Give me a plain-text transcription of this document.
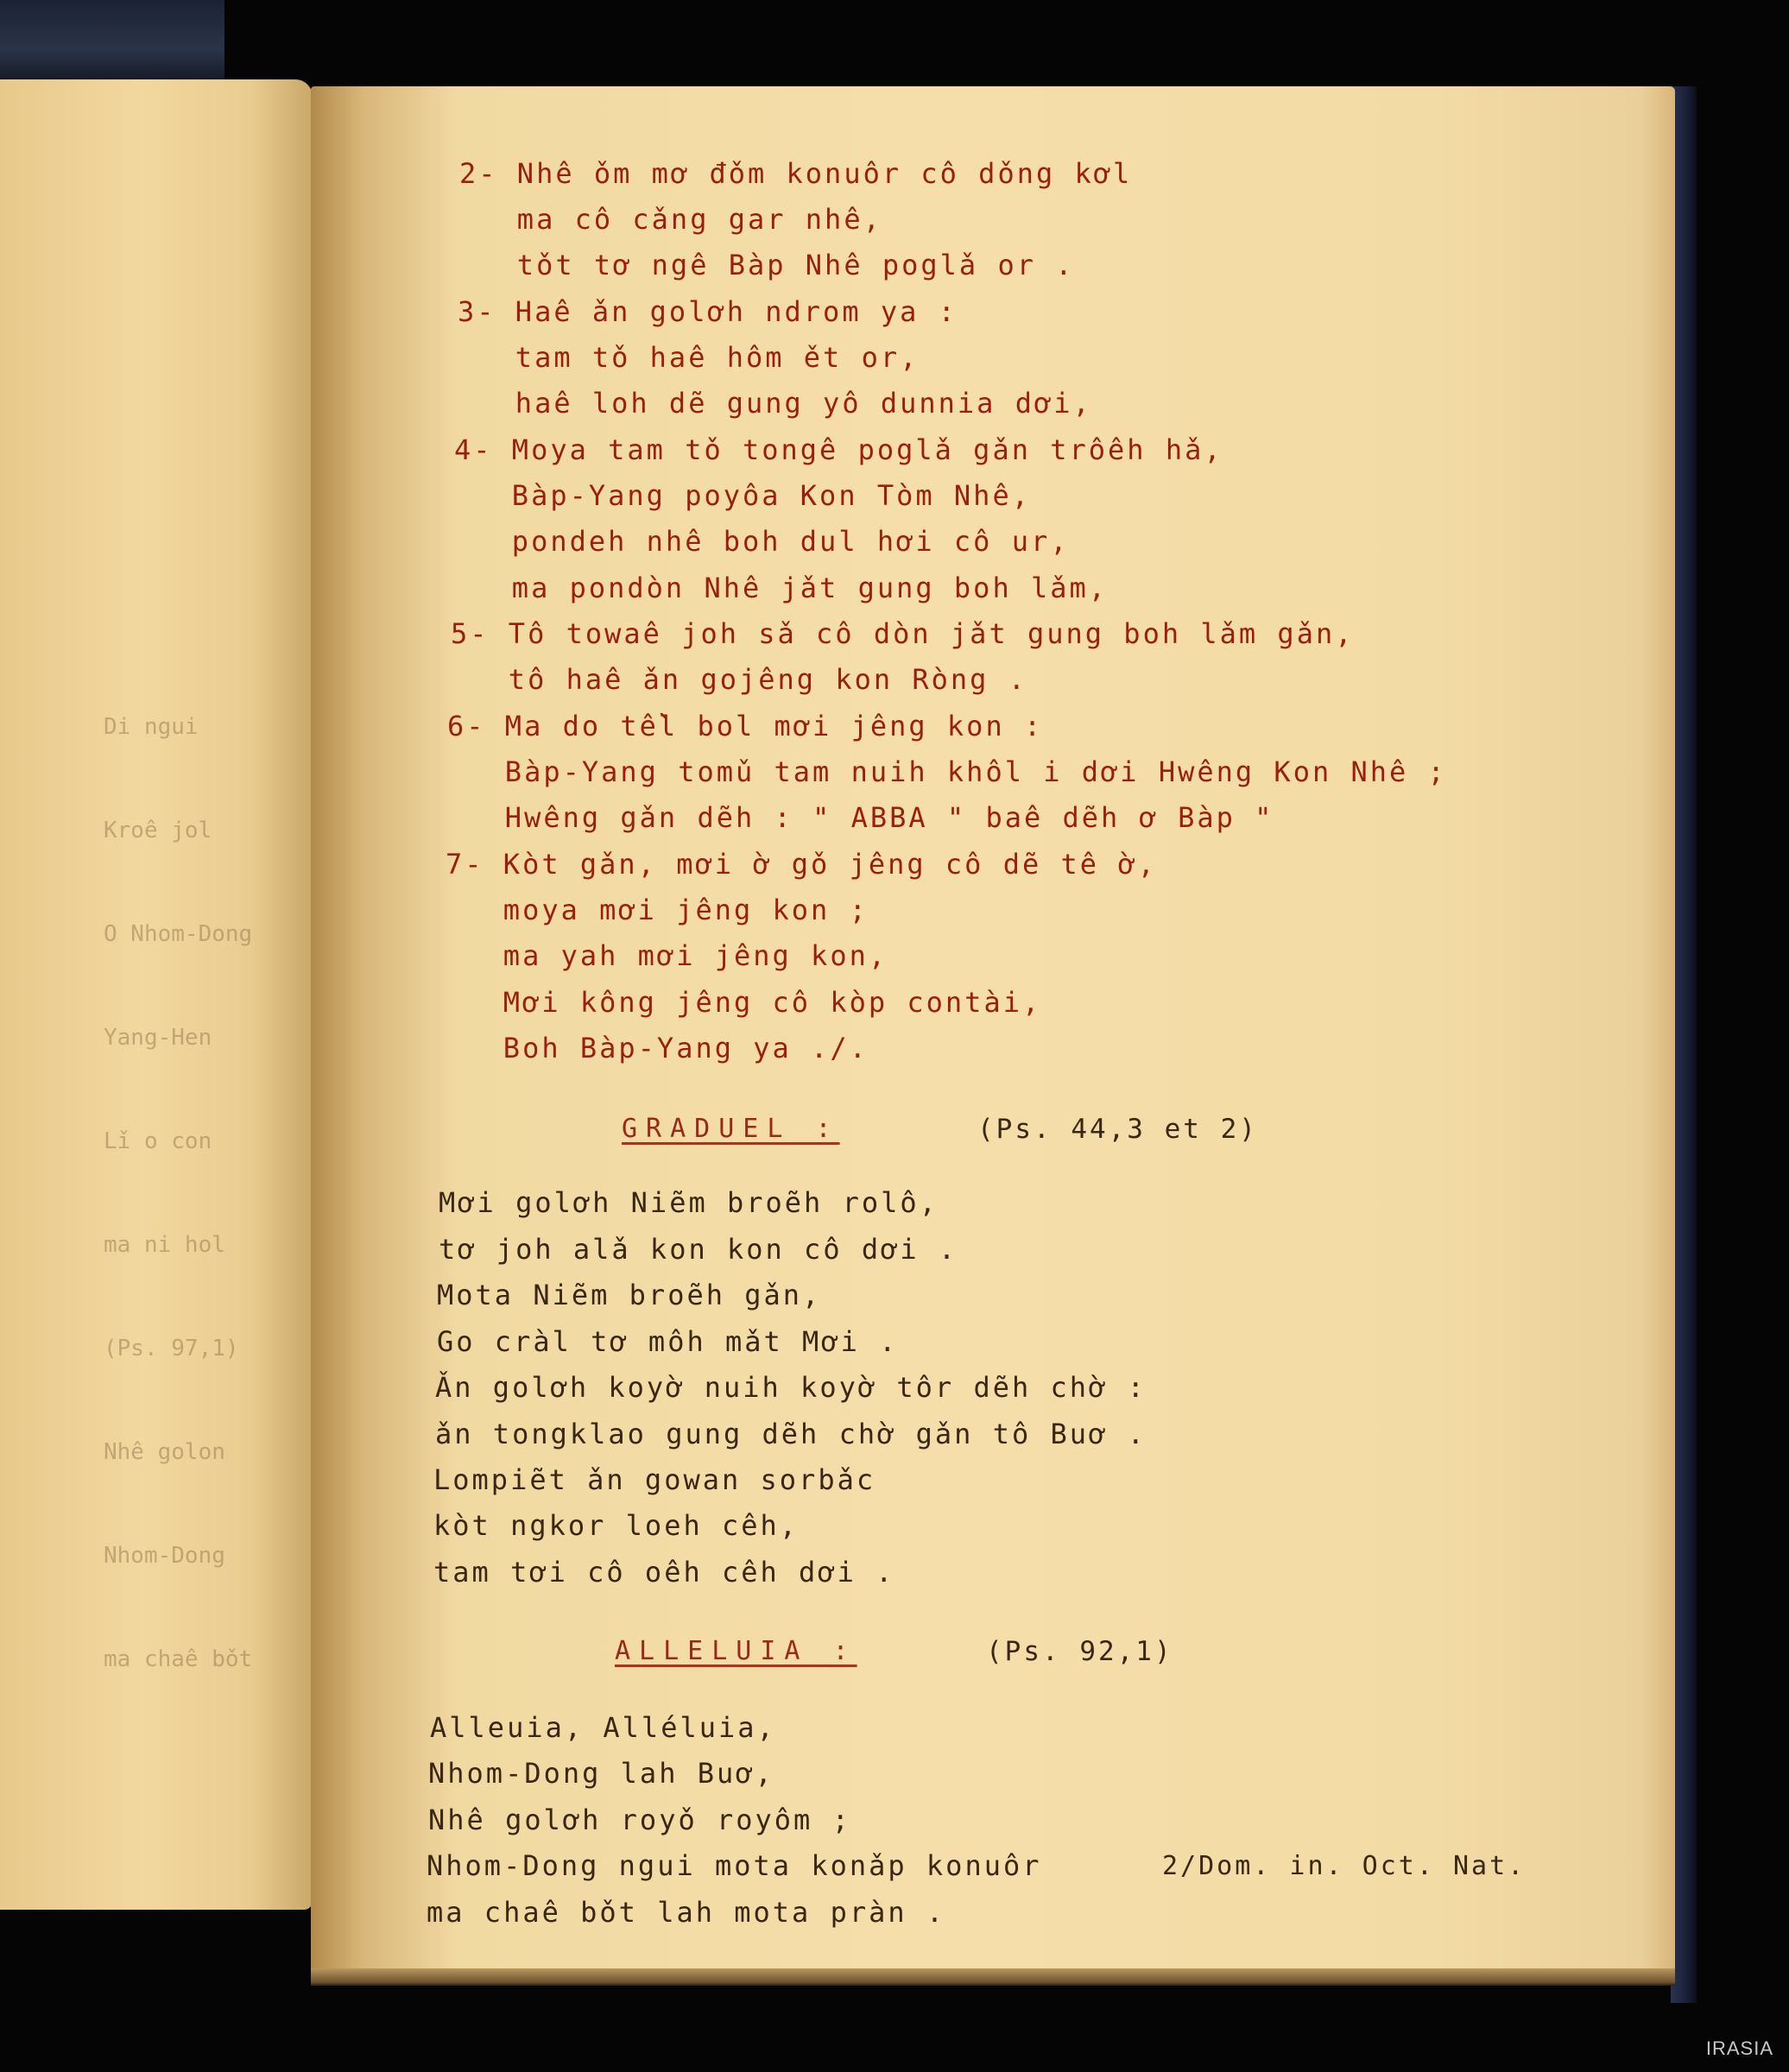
Di ngui

Kroê jol

O Nhom-Dong

Yang-Hen

Lǐ o con

ma ni hol

(Ps. 97,1)

Nhê golon

Nhom-Dong

ma chaê bǒt

2- Nhê ǒm mơ đǒm konuôr cô dǒng kơl

ma cô cǎng gar nhê,

tǒt tơ ngê Bàp Nhê poglǎ or .

3- Haê ǎn golơh ndrom ya :

tam tǒ haê hôm ět or,

haê loh dẽ gung yô dunnia dơi,

4- Moya tam tǒ tongê poglǎ gǎn trôêh hǎ,

Bàp-Yang poyôa Kon Tòm Nhê,

pondeh nhê boh dul hơi cô ur,

ma pondòn Nhê jǎt gung boh lǎm,

5- Tô towaê joh sǎ cô dòn jǎt gung boh lǎm gǎn,

tô haê ǎn gojêng kon Ròng .

6- Ma do tềl bol mơi jêng kon :

Bàp-Yang tomǔ tam nuih khôl i dơi Hwêng Kon Nhê ;

Hwêng gǎn dẽh : " ABBA " baê dẽh ơ Bàp "

7- Kòt gǎn, mơi ờ gǒ jêng cô dẽ tê ờ,

moya mơi jêng kon ;

ma yah mơi jêng kon,

Mơi kông jêng cô kòp contài,

Boh Bàp-Yang ya ./.

GRADUEL :	(Ps. 44,3 et 2)

Mơi golơh Niẽm broẽh rolô,

tơ joh alǎ kon kon cô dơi .

Mota Niẽm broẽh gǎn,

Go cràl tơ môh mǎt Mơi .

Ǎn golơh koyờ nuih koyờ tôr dẽh chờ :

ǎn tongklao gung dẽh chờ gǎn tô Buơ .

Lompiẽt ǎn gowan sorbǎc

kòt ngkor loeh cêh,

tam tơi cô oêh cêh dơi .

ALLELUIA :	(Ps. 92,1)

Alleuia, Alléluia,

Nhom-Dong lah Buơ,

Nhê golơh royǒ royôm ;

Nhom-Dong ngui mota konǎp konuôr

ma chaê bǒt lah mota pràn .

2/Dom. in. Oct. Nat.

IRASIA
